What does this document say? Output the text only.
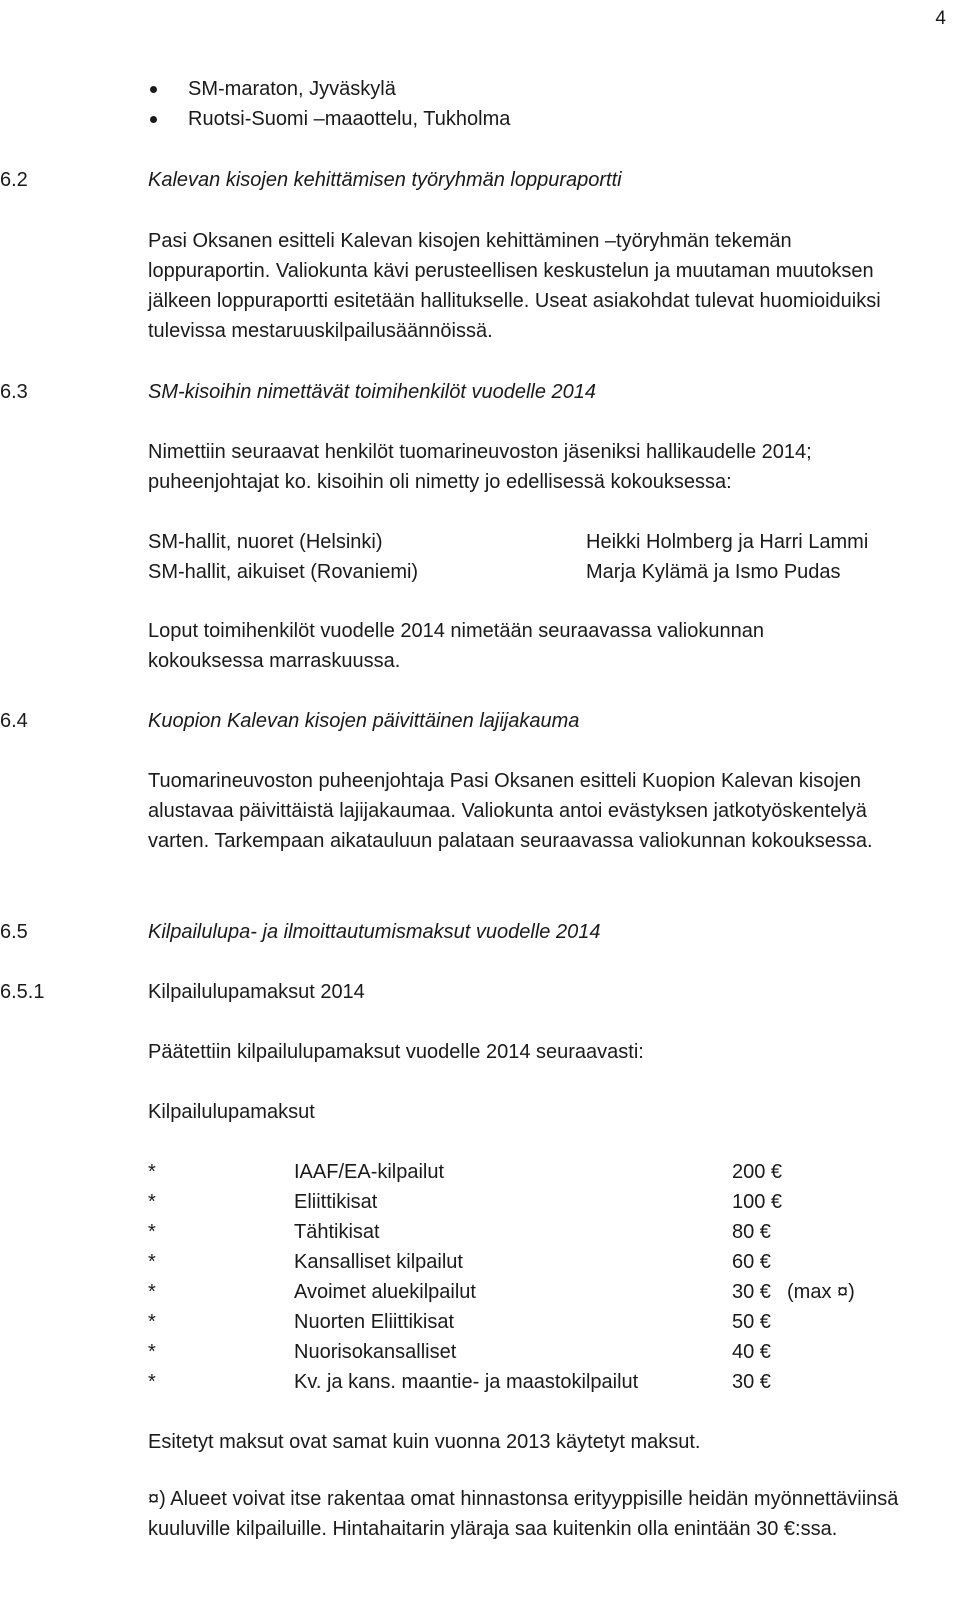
4
SM-maraton, Jyväskylä
Ruotsi-Suomi –maaottelu, Tukholma
6.2	Kalevan kisojen kehittämisen työryhmän loppuraportti
Pasi Oksanen esitteli Kalevan kisojen kehittäminen –työryhmän tekemän loppuraportin. Valiokunta kävi perusteellisen keskustelun ja muutaman muutoksen jälkeen loppuraportti esitetään hallitukselle. Useat asiakohdat tulevat huomioiduiksi tulevissa mestaruuskilpailusäännöissä.
6.3	SM-kisoihin nimettävät toimihenkilöt vuodelle 2014
Nimettiin seuraavat henkilöt tuomarineuvoston jäseniksi hallikaudelle 2014; puheenjohtajat ko. kisoihin oli nimetty jo edellisessä kokouksessa:
SM-hallit, nuoret (Helsinki)	Heikki Holmberg ja Harri Lammi
SM-hallit, aikuiset (Rovaniemi)	Marja Kylämä ja Ismo Pudas
Loput toimihenkilöt vuodelle 2014 nimetään seuraavassa valiokunnan kokouksessa marraskuussa.
6.4	Kuopion Kalevan kisojen päivittäinen lajijakauma
Tuomarineuvoston puheenjohtaja Pasi Oksanen esitteli Kuopion Kalevan kisojen alustavaa päivittäistä lajijakaumaa. Valiokunta antoi evästyksen jatkotyöskentelyä varten. Tarkempaan aikatauluun palataan seuraavassa valiokunnan kokouksessa.
6.5	Kilpailulupa- ja ilmoittautumismaksut vuodelle 2014
6.5.1	Kilpailulupamaksut 2014
Päätettiin kilpailulupamaksut vuodelle 2014 seuraavasti:
Kilpailulupamaksut
*	IAAF/EA-kilpailut	200 €
*	Eliittikisat	100 €
*	Tähtikisat	80 €
*	Kansalliset kilpailut	60 €
*	Avoimet aluekilpailut	30 € (max ¤)
*	Nuorten Eliittikisat	50 €
*	Nuorisokansalliset	40 €
*	Kv. ja kans. maantie- ja maastokilpailut	30 €
Esitetyt maksut ovat samat kuin vuonna 2013 käytetyt maksut.
¤) Alueet voivat itse rakentaa omat hinnastonsa erityyppisille heidän myönnettäviinsä kuuluville kilpailuille. Hintahaitarin yläraja saa kuitenkin olla enintään 30 €:ssa.
